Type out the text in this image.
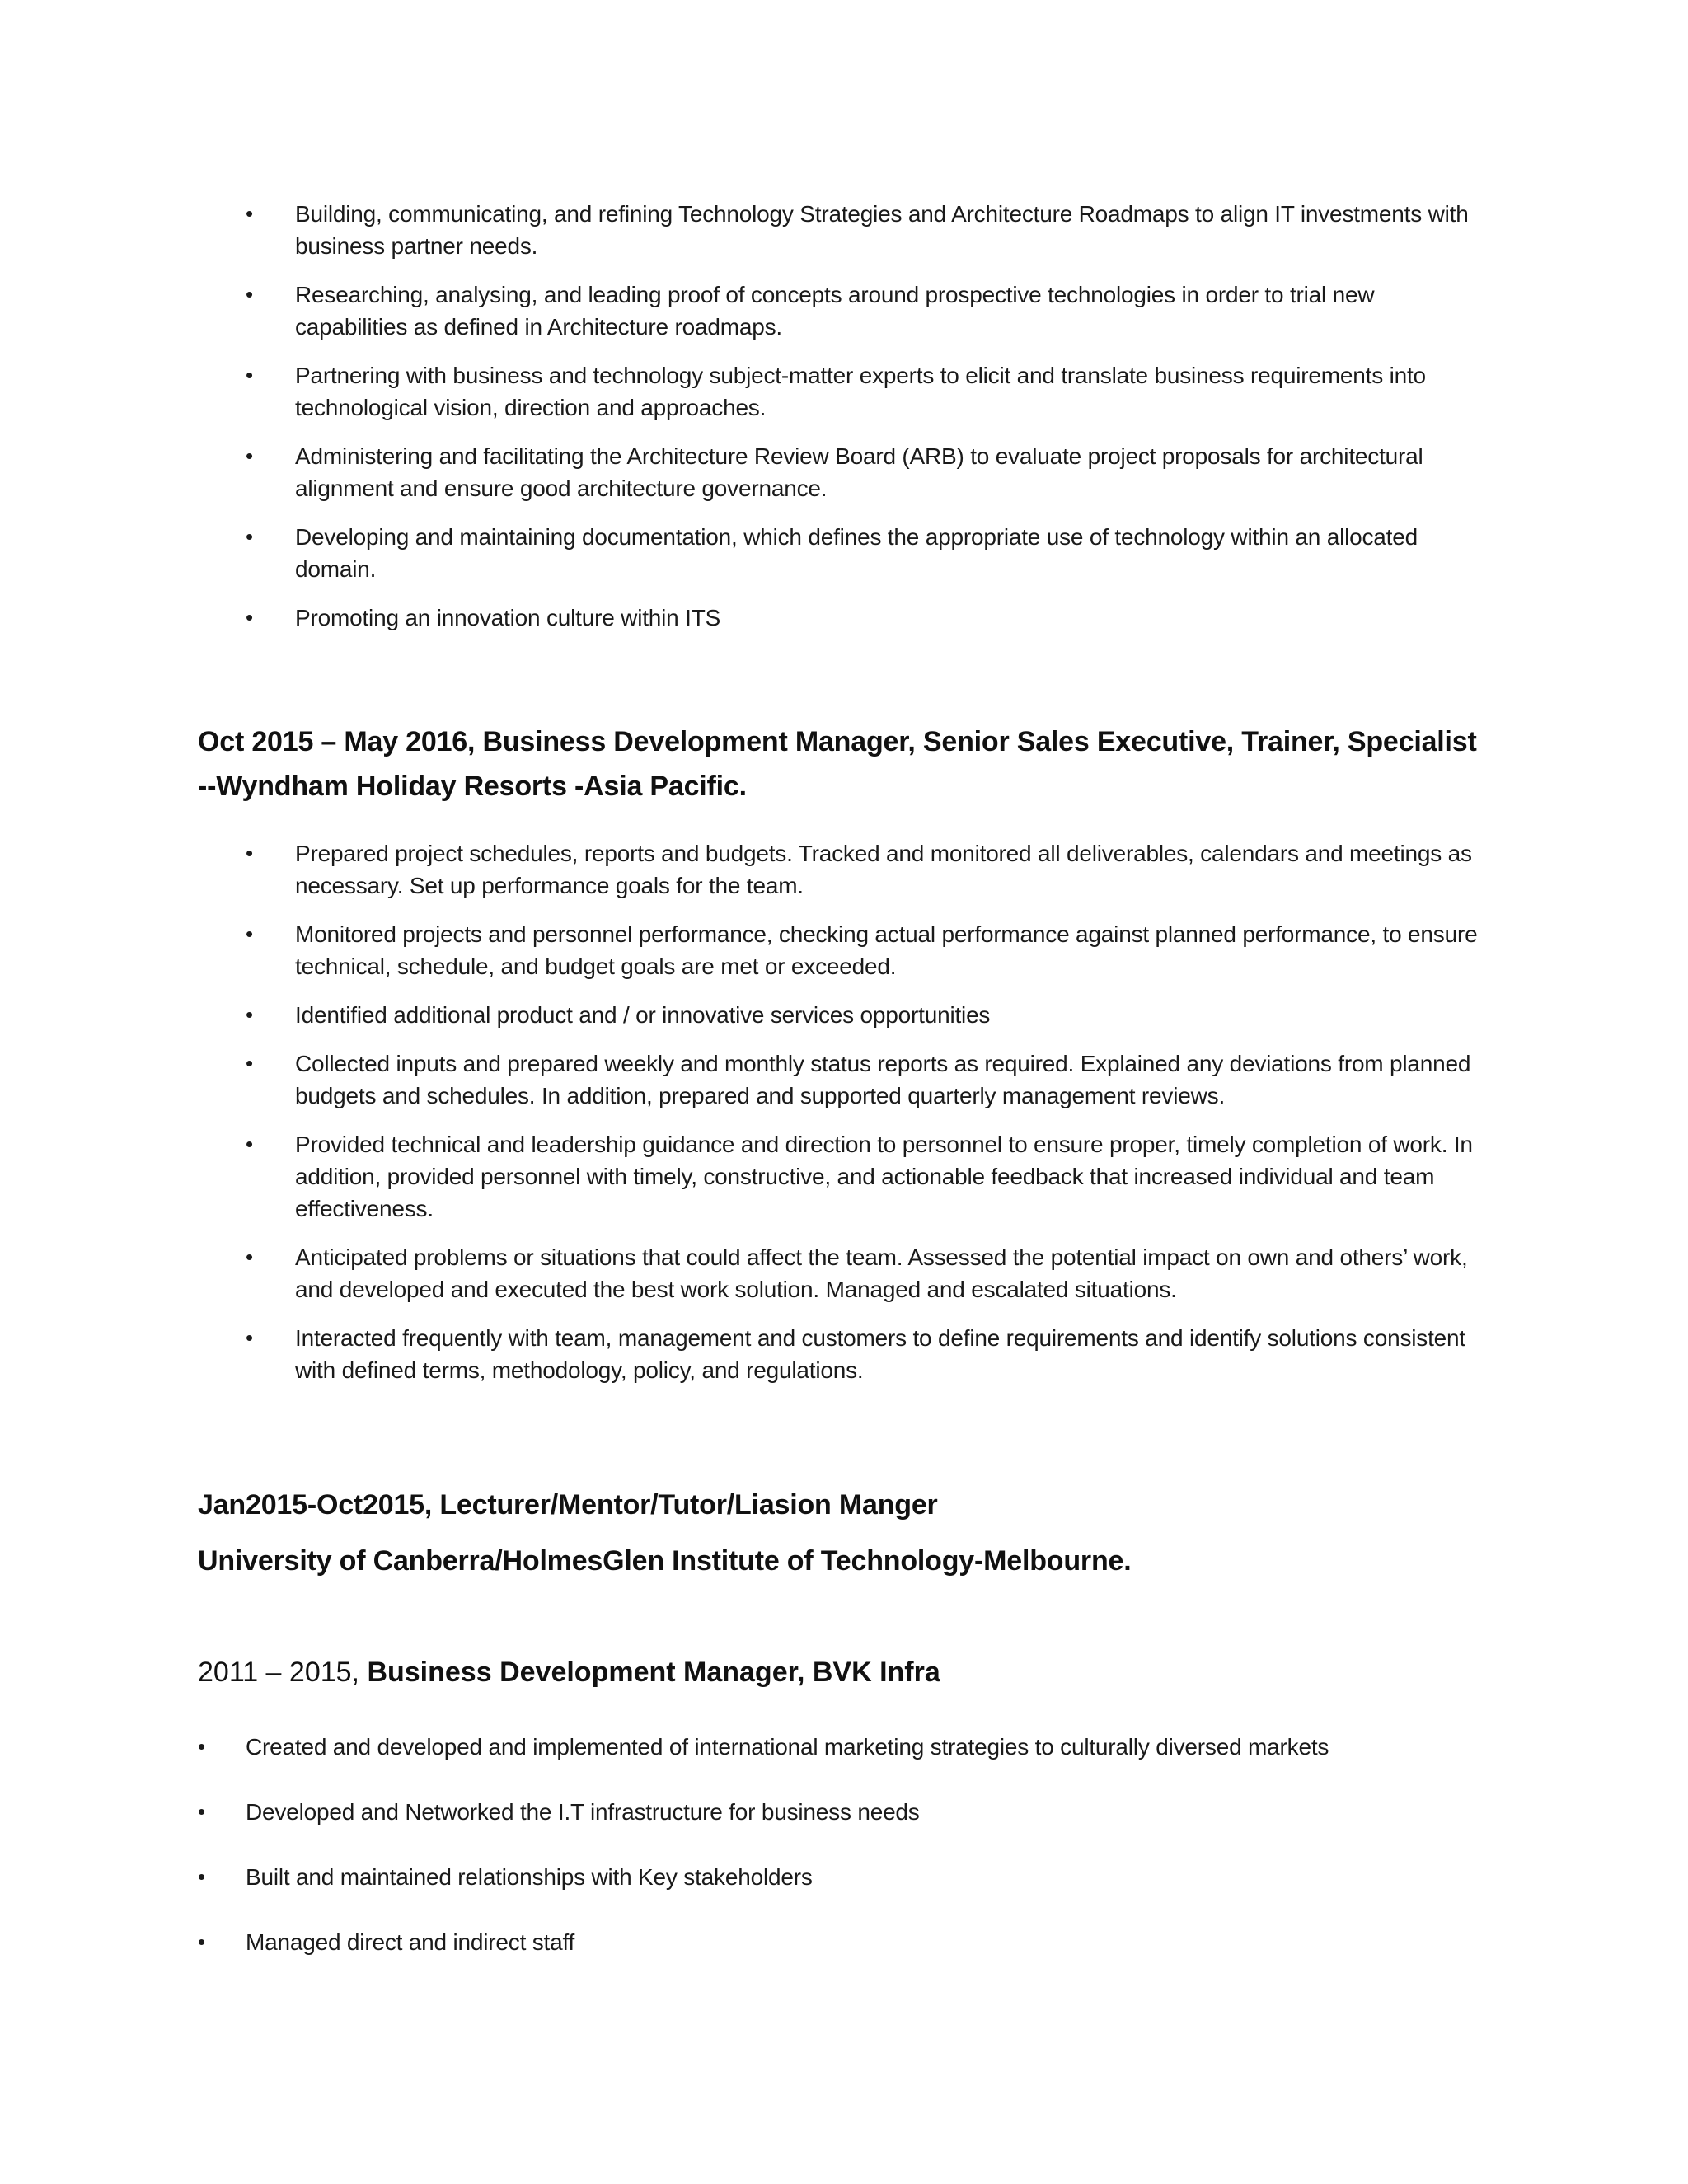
• Building, communicating, and refining Technology Strategies and Architecture Roadmaps to align IT investments with business partner needs.
• Researching, analysing, and leading proof of concepts around prospective technologies in order to trial new capabilities as defined in Architecture roadmaps.
• Partnering with business and technology subject-matter experts to elicit and translate business requirements into technological vision, direction and approaches.
• Administering and facilitating the Architecture Review Board (ARB) to evaluate project proposals for architectural alignment and ensure good architecture governance.
• Developing and maintaining documentation, which defines the appropriate use of technology within an allocated domain.
• Promoting an innovation culture within ITS
Oct 2015 – May 2016, Business Development Manager, Senior Sales Executive, Trainer, Specialist
--Wyndham Holiday Resorts -Asia Pacific.
• Prepared project schedules, reports and budgets. Tracked and monitored all deliverables, calendars and meetings as necessary. Set up performance goals for the team.
• Monitored projects and personnel performance, checking actual performance against planned performance, to ensure technical, schedule, and budget goals are met or exceeded.
• Identified additional product and / or innovative services opportunities
• Collected inputs and prepared weekly and monthly status reports as required. Explained any deviations from planned budgets and schedules. In addition, prepared and supported quarterly management reviews.
• Provided technical and leadership guidance and direction to personnel to ensure proper, timely completion of work. In addition, provided personnel with timely, constructive, and actionable feedback that increased individual and team effectiveness.
• Anticipated problems or situations that could affect the team. Assessed the potential impact on own and others’ work, and developed and executed the best work solution. Managed and escalated situations.
• Interacted frequently with team, management and customers to define requirements and identify solutions consistent with defined terms, methodology, policy, and regulations.
Jan2015-Oct2015, Lecturer/Mentor/Tutor/Liasion Manger
University of Canberra/HolmesGlen Institute of Technology-Melbourne.
2011 – 2015, Business Development Manager, BVK Infra
• Created and developed and implemented of international marketing strategies to culturally diversed markets
• Developed and Networked the I.T infrastructure for business needs
• Built and maintained relationships with Key stakeholders
• Managed direct and indirect staff
